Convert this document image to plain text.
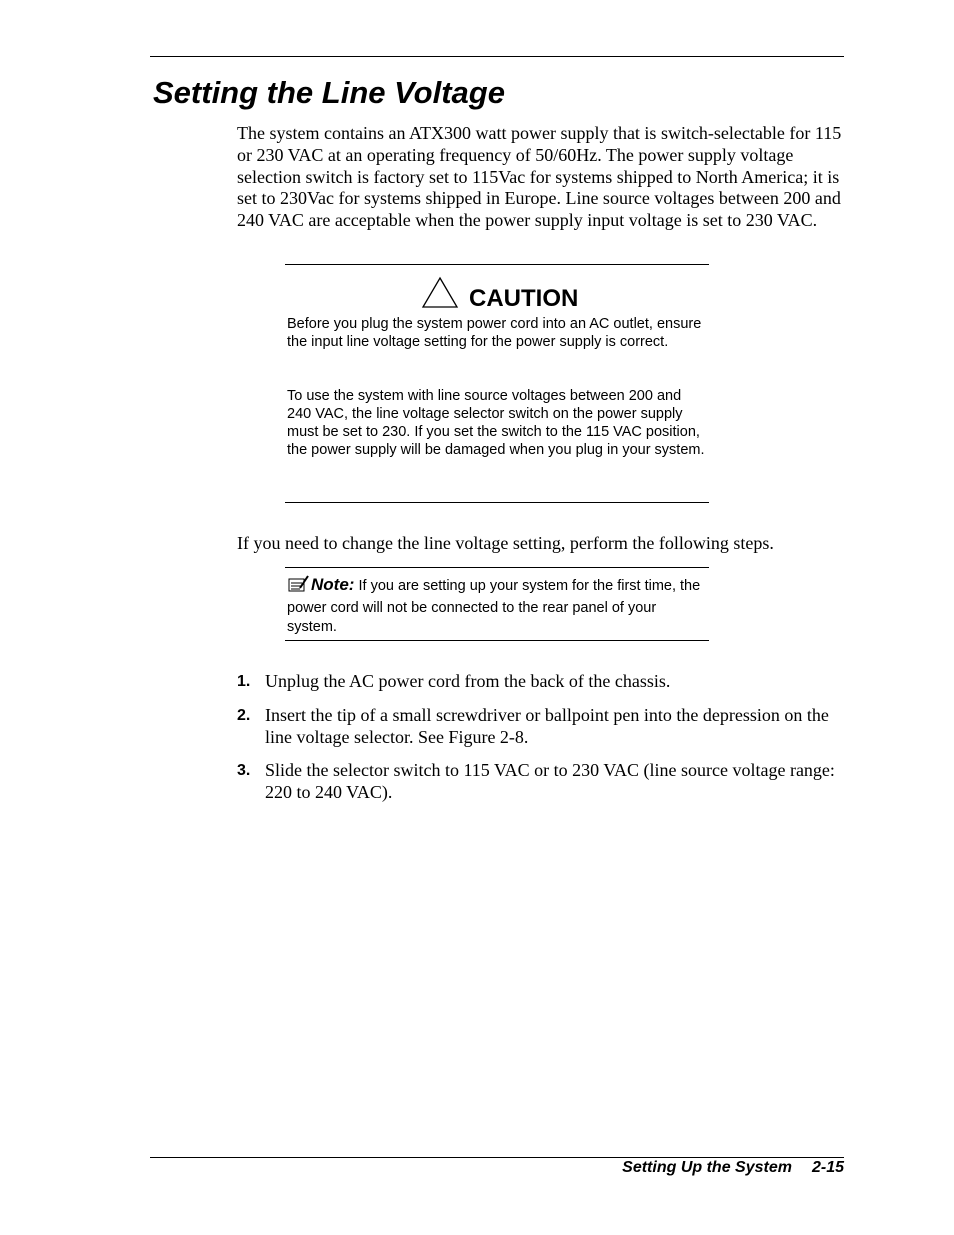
Setting the Line Voltage

The system contains an ATX300 watt power supply that is switch-selectable for 115 or 230 VAC at an operating frequency of 50/60Hz. The power supply voltage selection switch is factory set to 115Vac for systems shipped to North America; it is set to 230Vac for systems shipped in Europe. Line source voltages between 200 and 240 VAC are acceptable when the power supply input voltage is set to 230 VAC.

CAUTION

Before you plug the system power cord into an AC outlet, ensure the input line voltage setting for the power supply is correct.

To use the system with line source voltages between 200 and 240 VAC, the line voltage selector switch on the power supply must be set to 230. If you set the switch to the 115 VAC position, the power supply will be damaged when you plug in your system.

If you need to change the line voltage setting, perform the following steps.

Note: If you are setting up your system for the first time, the power cord will not be connected to the rear panel of your system.

1. Unplug the AC power cord from the back of the chassis.

2. Insert the tip of a small screwdriver or ballpoint pen into the depression on the line voltage selector. See Figure 2-8.

3. Slide the selector switch to 115 VAC or to 230 VAC (line source voltage range: 220 to 240 VAC).

Setting Up the System 2-15
